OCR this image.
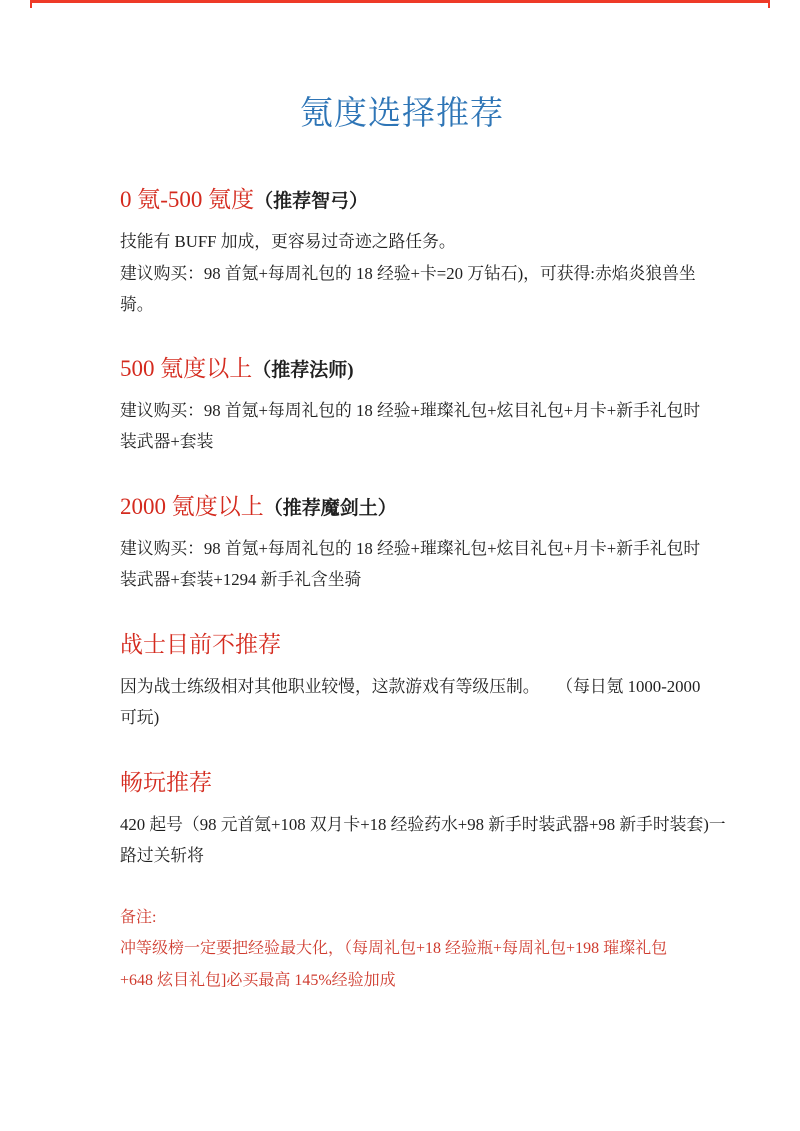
氪度选择推荐
0 氪-500 氪度（推荐智弓）
技能有 BUFF 加成，更容易过奇迹之路任务。
建议购买：98 首氪+每周礼包的 18 经验+卡=20 万钻石)，可获得:赤焰炎狼兽坐
骑。
500 氪度以上（推荐法师)
建议购买：98 首氪+每周礼包的 18 经验+璀璨礼包+炫目礼包+月卡+新手礼包时
装武器+套装
2000 氪度以上（推荐魔剑土）
建议购买：98 首氪+每周礼包的 18 经验+璀璨礼包+炫目礼包+月卡+新手礼包时
装武器+套装+1294 新手礼含坐骑
战士目前不推荐
因为战士练级相对其他职业较慢，这款游戏有等级压制。　　（每日氪 1000-2000
可玩)
畅玩推荐
420 起号（98 元首氪+108 双月卡+18 经验药水+98 新手时装武器+98 新手时装套)一
路过关斩将
备注:
冲等级榜一定要把经验最大化，（每周礼包+18 经验瓶+每周礼包+198 璀璨礼包
+648 炫目礼包]必买最高 145%经验加成
